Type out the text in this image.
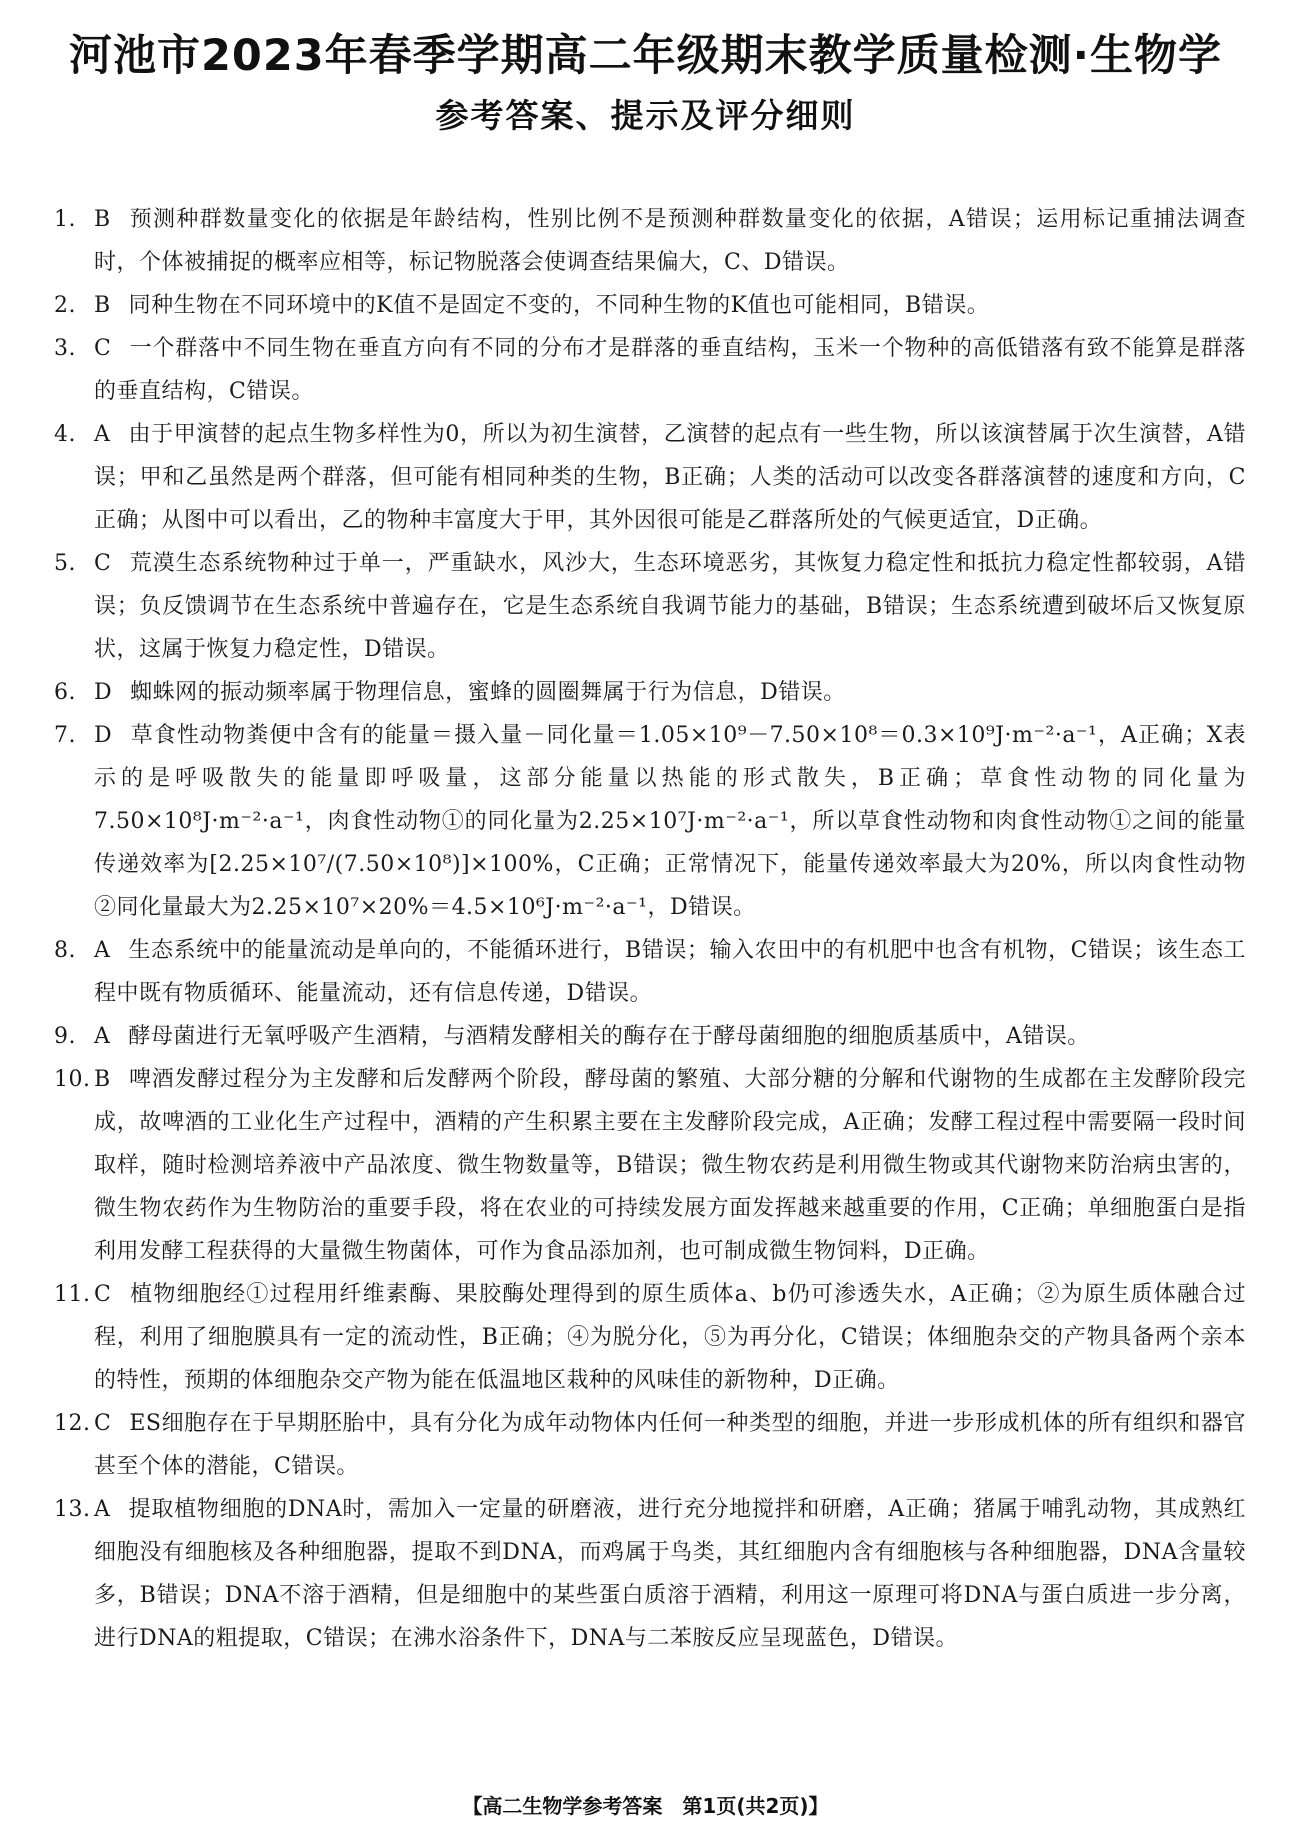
河池市2023年春季学期高二年级期末教学质量检测·生物学
参考答案、提示及评分细则
1. B 预测种群数量变化的依据是年龄结构，性别比例不是预测种群数量变化的依据，A错误；运用标记重捕法调查时，个体被捕捉的概率应相等，标记物脱落会使调查结果偏大，C、D错误。
2. B 同种生物在不同环境中的K值不是固定不变的，不同种生物的K值也可能相同，B错误。
3. C 一个群落中不同生物在垂直方向有不同的分布才是群落的垂直结构，玉米一个物种的高低错落有致不能算是群落的垂直结构，C错误。
4. A 由于甲演替的起点生物多样性为0，所以为初生演替，乙演替的起点有一些生物，所以该演替属于次生演替，A错误；甲和乙虽然是两个群落，但可能有相同种类的生物，B正确；人类的活动可以改变各群落演替的速度和方向，C正确；从图中可以看出，乙的物种丰富度大于甲，其外因很可能是乙群落所处的气候更适宜，D正确。
5. C 荒漠生态系统物种过于单一，严重缺水，风沙大，生态环境恶劣，其恢复力稳定性和抵抗力稳定性都较弱，A错误；负反馈调节在生态系统中普遍存在，它是生态系统自我调节能力的基础，B错误；生态系统遭到破坏后又恢复原状，这属于恢复力稳定性，D错误。
6. D 蜘蛛网的振动频率属于物理信息，蜜蜂的圆圈舞属于行为信息，D错误。
7. D 草食性动物粪便中含有的能量＝摄入量－同化量＝1.05×10⁹－7.50×10⁸＝0.3×10⁹J·m⁻²·a⁻¹，A正确；X表示的是呼吸散失的能量即呼吸量，这部分能量以热能的形式散失，B正确；草食性动物的同化量为7.50×10⁸J·m⁻²·a⁻¹，肉食性动物①的同化量为2.25×10⁷J·m⁻²·a⁻¹，所以草食性动物和肉食性动物①之间的能量传递效率为[2.25×10⁷/(7.50×10⁸)]×100%，C正确；正常情况下，能量传递效率最大为20%，所以肉食性动物②同化量最大为2.25×10⁷×20%＝4.5×10⁶J·m⁻²·a⁻¹，D错误。
8. A 生态系统中的能量流动是单向的，不能循环进行，B错误；输入农田中的有机肥中也含有机物，C错误；该生态工程中既有物质循环、能量流动，还有信息传递，D错误。
9. A 酵母菌进行无氧呼吸产生酒精，与酒精发酵相关的酶存在于酵母菌细胞的细胞质基质中，A错误。
10. B 啤酒发酵过程分为主发酵和后发酵两个阶段，酵母菌的繁殖、大部分糖的分解和代谢物的生成都在主发酵阶段完成，故啤酒的工业化生产过程中，酒精的产生积累主要在主发酵阶段完成，A正确；发酵工程过程中需要隔一段时间取样，随时检测培养液中产品浓度、微生物数量等，B错误；微生物农药是利用微生物或其代谢物来防治病虫害的，微生物农药作为生物防治的重要手段，将在农业的可持续发展方面发挥越来越重要的作用，C正确；单细胞蛋白是指利用发酵工程获得的大量微生物菌体，可作为食品添加剂，也可制成微生物饲料，D正确。
11. C 植物细胞经①过程用纤维素酶、果胶酶处理得到的原生质体a、b仍可渗透失水，A正确；②为原生质体融合过程，利用了细胞膜具有一定的流动性，B正确；④为脱分化，⑤为再分化，C错误；体细胞杂交的产物具备两个亲本的特性，预期的体细胞杂交产物为能在低温地区栽种的风味佳的新物种，D正确。
12. C ES细胞存在于早期胚胎中，具有分化为成年动物体内任何一种类型的细胞，并进一步形成机体的所有组织和器官甚至个体的潜能，C错误。
13. A 提取植物细胞的DNA时，需加入一定量的研磨液，进行充分地搅拌和研磨，A正确；猪属于哺乳动物，其成熟红细胞没有细胞核及各种细胞器，提取不到DNA，而鸡属于鸟类，其红细胞内含有细胞核与各种细胞器，DNA含量较多，B错误；DNA不溶于酒精，但是细胞中的某些蛋白质溶于酒精，利用这一原理可将DNA与蛋白质进一步分离，进行DNA的粗提取，C错误；在沸水浴条件下，DNA与二苯胺反应呈现蓝色，D错误。
【高二生物学参考答案　第1页(共2页)】
